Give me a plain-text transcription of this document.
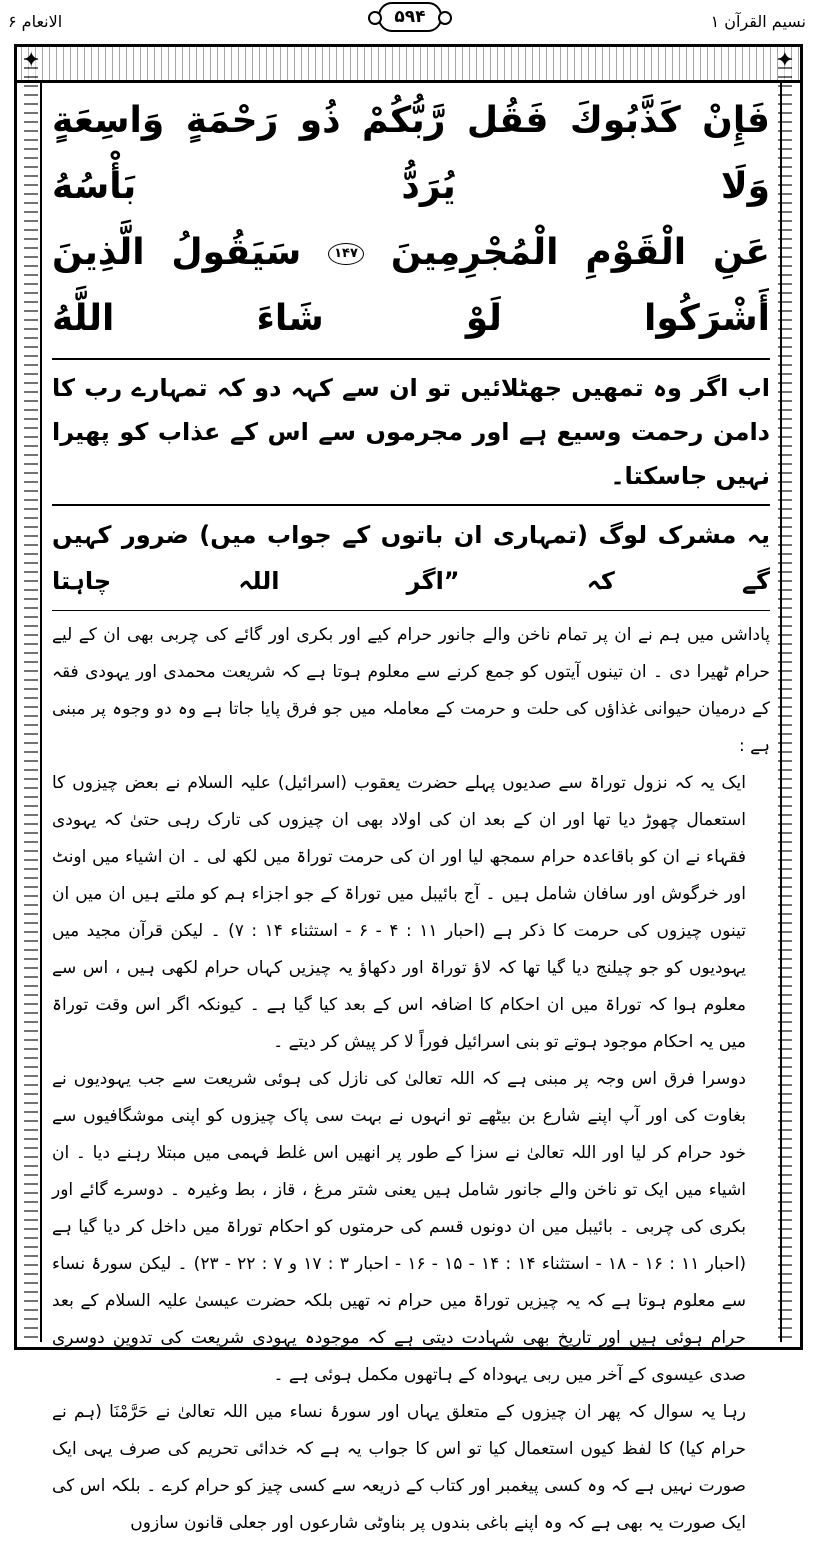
الانعام ۶	۵۹۴	نسیم القرآن ۱
✦	✦
فَإِنْ كَذَّبُوكَ فَقُل رَّبُّكُمْ ذُو رَحْمَةٍ وَاسِعَةٍ وَلَا يُرَدُّ بَأْسُهُ
عَنِ الْقَوْمِ الْمُجْرِمِينَ ۱۴۷ سَيَقُولُ الَّذِينَ أَشْرَكُوا لَوْ شَاءَ اللَّهُ
اب اگر وہ تمھیں جھٹلائیں تو ان سے کہہ دو کہ تمہارے رب کا دامن رحمت وسیع ہے اور مجرموں سے اس کے عذاب کو پھیرا نہیں جاسکتا۔
یہ مشرک لوگ (تمہاری ان باتوں کے جواب میں) ضرور کہیں گے کہ ”اگر اللہ چاہتا

پاداشں میں ہم نے ان پر تمام ناخن والے جانور حرام کیے اور بکری اور گائے کی چربی بھی ان کے لیے حرام ٹھیرا دی ۔ ان تینوں آیتوں کو جمع کرنے سے معلوم ہوتا ہے کہ شریعت محمدی اور یہودی فقہ کے درمیان حیوانی غذاؤں کی حلت و حرمت کے معاملہ میں جو فرق پایا جاتا ہے وہ دو وجوہ پر مبنی ہے :

ایک یہ کہ نزول توراۃ سے صدیوں پہلے حضرت یعقوب (اسرائیل) علیہ السلام نے بعض چیزوں کا استعمال چھوڑ دیا تھا اور ان کے بعد ان کی اولاد بھی ان چیزوں کی تارک رہی حتیٰ کہ یہودی فقہاء نے ان کو باقاعدہ حرام سمجھ لیا اور ان کی حرمت توراۃ میں لکھ لی ۔ ان اشیاء میں اونٹ اور خرگوش اور سافان شامل ہیں ۔ آج بائیبل میں توراۃ کے جو اجزاء ہم کو ملتے ہیں ان میں ان تینوں چیزوں کی حرمت کا ذکر ہے (احبار ۱۱ : ۴ - ۶ - استثناء ۱۴ : ۷) ۔ لیکن قرآن مجید میں یہودیوں کو جو چیلنج دیا گیا تھا کہ لاؤ توراۃ اور دکھاؤ یہ چیزیں کہاں حرام لکھی ہیں ، اس سے معلوم ہوا کہ توراۃ میں ان احکام کا اضافہ اس کے بعد کیا گیا ہے ۔ کیونکہ اگر اس وقت توراۃ میں یہ احکام موجود ہوتے تو بنی اسرائیل فوراً لا کر پیش کر دیتے ۔

دوسرا فرق اس وجہ پر مبنی ہے کہ اللہ تعالیٰ کی نازل کی ہوئی شریعت سے جب یہودیوں نے بغاوت کی اور آپ اپنے شارع بن بیٹھے تو انہوں نے بہت سی پاک چیزوں کو اپنی موشگافیوں سے خود حرام کر لیا اور اللہ تعالیٰ نے سزا کے طور پر انھیں اس غلط فہمی میں مبتلا رہنے دیا ۔ ان اشیاء میں ایک تو ناخن والے جانور شامل ہیں یعنی شتر مرغ ، قاز ، بط وغیرہ ۔ دوسرے گائے اور بکری کی چربی ۔ بائیبل میں ان دونوں قسم کی حرمتوں کو احکام توراۃ میں داخل کر دیا گیا ہے (احبار ۱۱ : ۱۶ - ۱۸ - استثناء ۱۴ : ۱۴ - ۱۵ - ۱۶ - احبار ۳ : ۱۷ و ۷ : ۲۲ - ۲۳) ۔ لیکن سورۂ نساء سے معلوم ہوتا ہے کہ یہ چیزیں توراۃ میں حرام نہ تھیں بلکہ حضرت عیسیٰ علیہ السلام کے بعد حرام ہوئی ہیں اور تاریخ بھی شہادت دیتی ہے کہ موجودہ یہودی شریعت کی تدوین دوسری صدی عیسوی کے آخر میں ربی یہوداہ کے ہاتھوں مکمل ہوئی ہے ۔

رہا یہ سوال کہ پھر ان چیزوں کے متعلق یہاں اور سورۂ نساء میں اللہ تعالیٰ نے حَرَّمْنَا (ہم نے حرام کیا) کا لفظ کیوں استعمال کیا تو اس کا جواب یہ ہے کہ خدائی تحریم کی صرف یہی ایک صورت نہیں ہے کہ وہ کسی پیغمبر اور کتاب کے ذریعہ سے کسی چیز کو حرام کرے ۔ بلکہ اس کی ایک صورت یہ بھی ہے کہ وہ اپنے باغی بندوں پر بناوٹی شارعوں اور جعلی قانون سازوں
